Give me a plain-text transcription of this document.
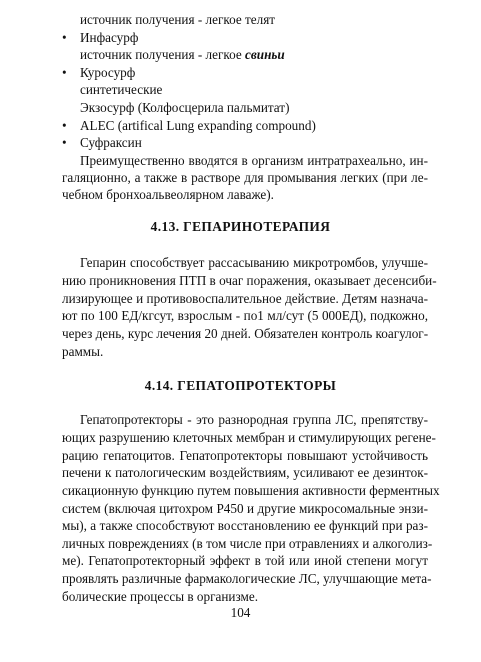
источник получения - легкое телят
• Инфасурф
источник получения - легкое свиньи
• Куросурф
синтетические
Экзосурф (Колфосцерила пальмитат)
• ALEC (artifical Lung expanding compound)
• Суфраксин
Преимущественно вводятся в организм интратрахеально, ин-
галяционно, а также в растворе для промывания легких (при ле-
чебном бронхоальвеолярном лаваже).
4.13. ГЕПАРИНОТЕРАПИЯ
Гепарин способствует рассасыванию микротромбов, улучше-
нию проникновения ПТП в очаг поражения, оказывает десенсиби-
лизирующее и противовоспалительное действие. Детям назнача-
ют по 100 ЕД/кгсут, взрослым - по1 мл/сут (5 000ЕД), подкожно,
через день, курс лечения 20 дней. Обязателен контроль коагулог-
раммы.
4.14. ГЕПАТОПРОТЕКТОРЫ
Гепатопротекторы - это разнородная группа ЛС, препятству-
ющих разрушению клеточных мембран и стимулирующих регене-
рацию гепатоцитов. Гепатопротекторы повышают устойчивость
печени к патологическим воздействиям, усиливают ее дезинток-
сикационную функцию путем повышения активности ферментных
систем (включая цитохром Р450 и другие микросомальные энзи-
мы), а также способствуют восстановлению ее функций при раз-
личных повреждениях (в том числе при отравлениях и алкоголиз-
ме). Гепатопротекторный эффект в той или иной степени могут
проявлять различные фармакологические ЛС, улучшающие мета-
болические процессы в организме.
104
